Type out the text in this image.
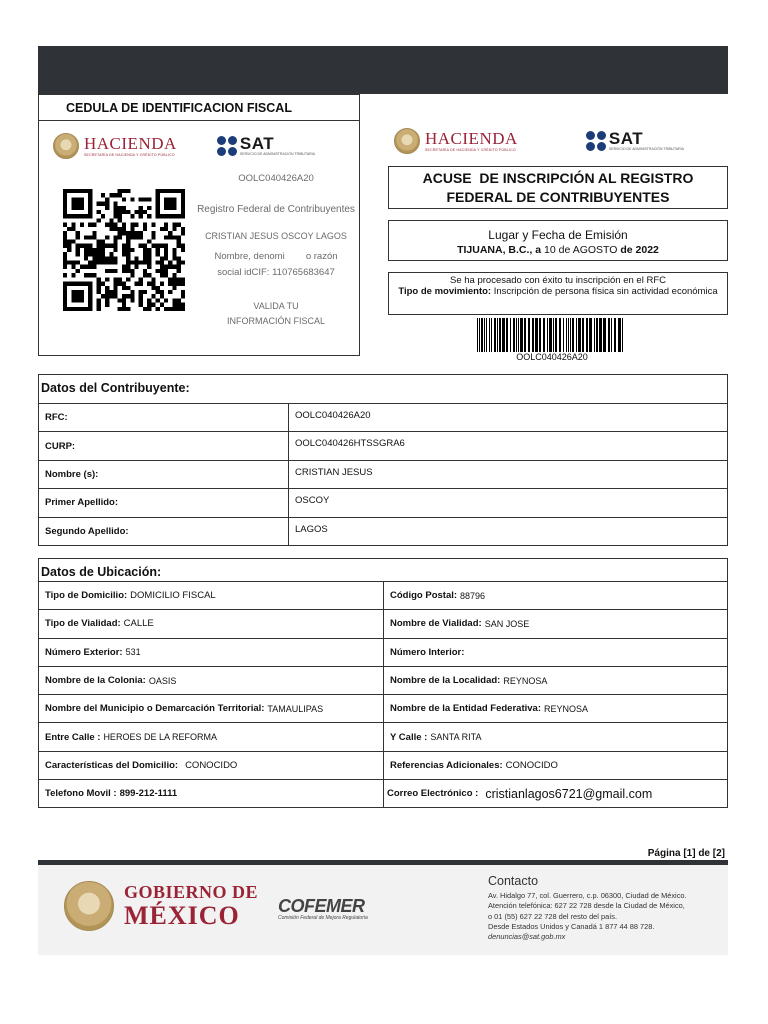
CEDULA DE IDENTIFICACION FISCAL
HACIENDA
SECRETARÍA DE HACIENDA Y CRÉDITO PÚBLICO
SAT
SERVICIO DE ADMINISTRACIÓN TRIBUTARIA
OOLC040426A20
Registro Federal de Contribuyentes
CRISTIAN JESUS OSCOY LAGOS
Nombre, denomi        o razón
social idCIF: 110765683647
VALIDA TU
INFORMACIÓN FISCAL
HACIENDA
SECRETARÍA DE HACIENDA Y CRÉDITO PÚBLICO
SAT
SERVICIO DE ADMINISTRACIÓN TRIBUTARIA
ACUSE  DE INSCRIPCIÓN AL REGISTRO
FEDERAL DE CONTRIBUYENTES
Lugar y Fecha de Emisión
TIJUANA, B.C., a 10 de AGOSTO de 2022
Se ha procesado con éxito tu inscripción en el RFC
Tipo de movimiento: Inscripción de persona física sin actividad económica
OOLC040426A20
Datos del Contribuyente:
RFC:	OOLC040426A20
CURP:	OOLC040426HTSSGRA6
Nombre (s):	CRISTIAN JESUS
Primer Apellido:	OSCOY
Segundo Apellido:	LAGOS
Datos de Ubicación:
Tipo de Domicilio: DOMICILIO FISCAL	Código Postal: 88796
Tipo de Vialidad: CALLE	Nombre de Vialidad: SAN JOSE
Número Exterior: 531	Número Interior:
Nombre de la Colonia: OASIS	Nombre de la Localidad: REYNOSA
Nombre del Municipio o Demarcación Territorial: TAMAULIPAS	Nombre de la Entidad Federativa: REYNOSA
Entre Calle : HEROES DE LA REFORMA	Y Calle : SANTA RITA
Características del Domicilio: CONOCIDO	Referencias Adicionales: CONOCIDO
Telefono Movil : 899-212-1111	Correo Electrónico : cristianlagos6721@gmail.com
Página [1] de [2]
GOBIERNO DE
MÉXICO	COFEMER
Comisión Federal de Mejora Regulatoria
Contacto
Av. Hidalgo 77, col. Guerrero, c.p. 06300, Ciudad de México.
Atención telefónica: 627 22 728 desde la Ciudad de México,
o 01 (55) 627 22 728 del resto del país.
Desde Estados Unidos y Canadá 1 877 44 88 728.
denuncias@sat.gob.mx
